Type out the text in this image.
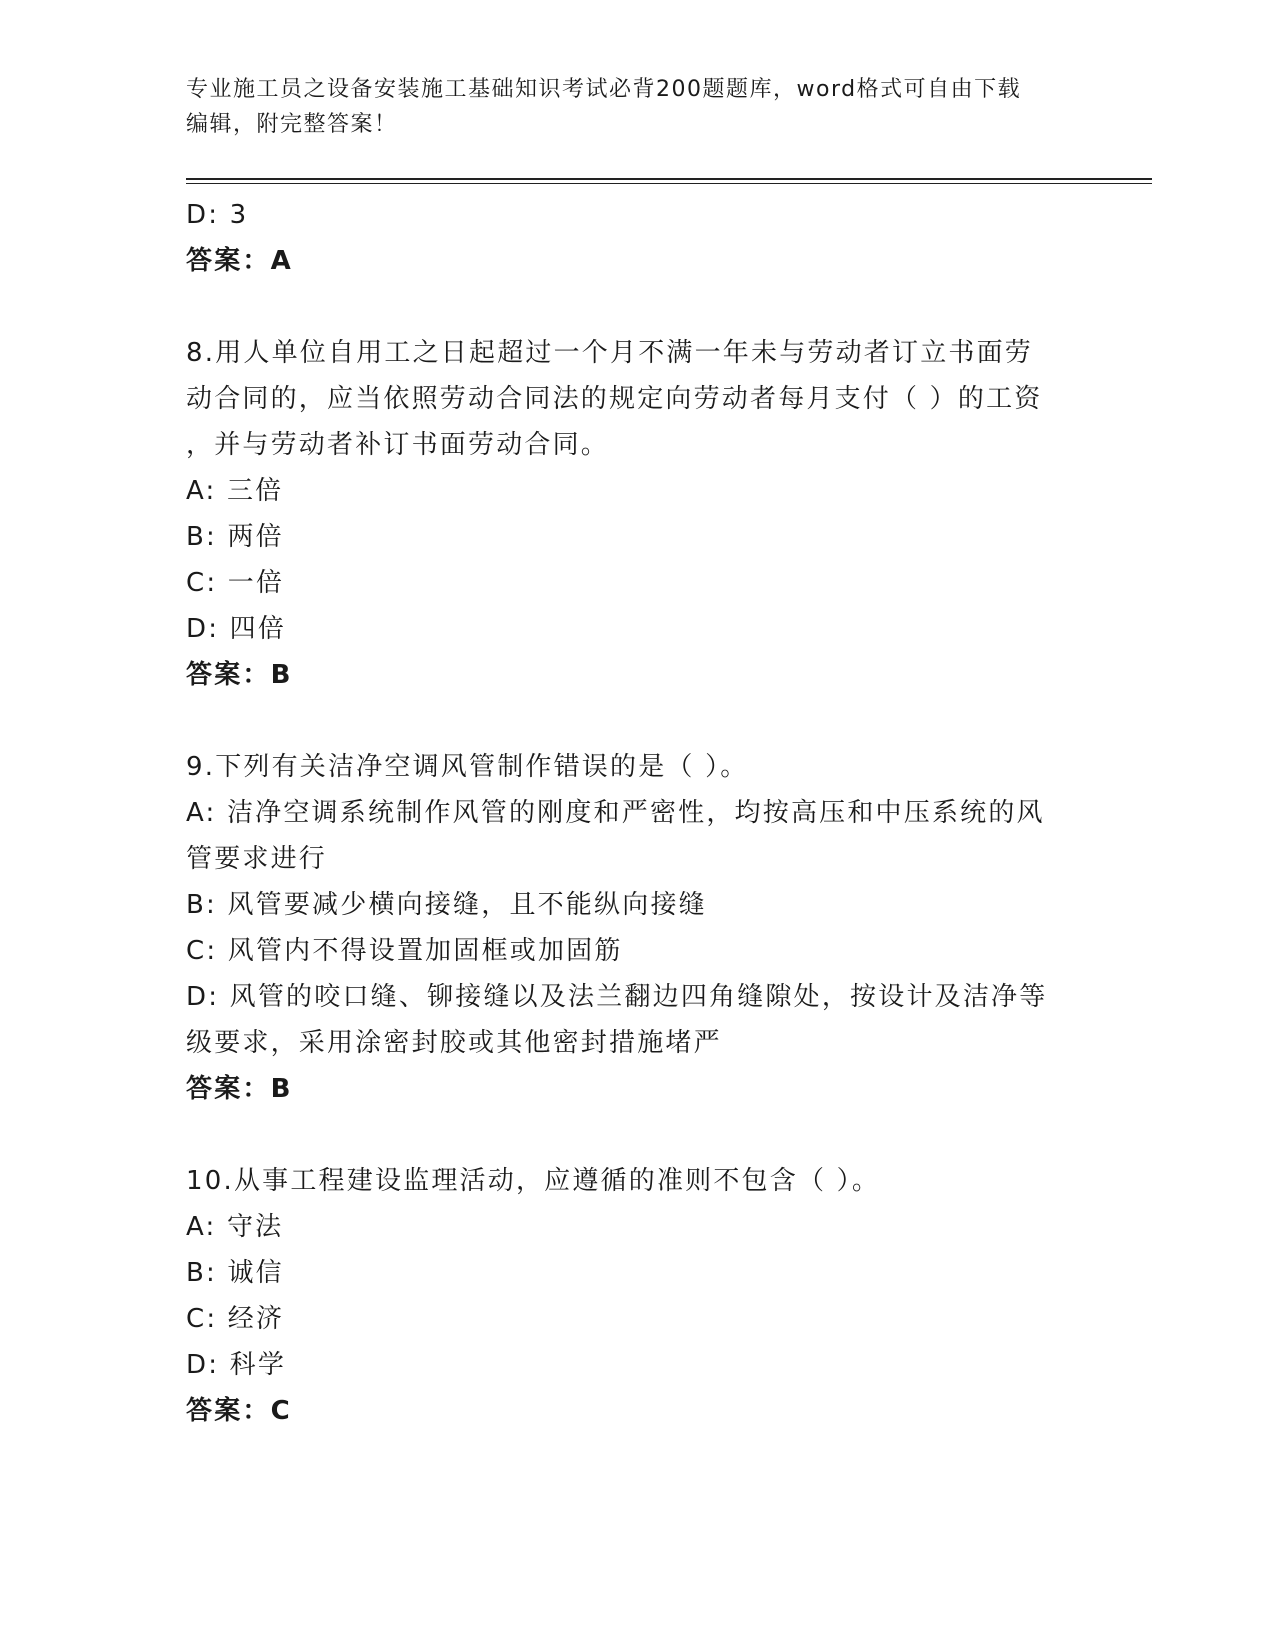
专业施工员之设备安装施工基础知识考试必背200题题库，word格式可自由下载
编辑，附完整答案！
D: 3
答案：A
8.用人单位自用工之日起超过一个月不满一年未与劳动者订立书面劳
动合同的，应当依照劳动合同法的规定向劳动者每月支付（ ）的工资
，并与劳动者补订书面劳动合同。
A: 三倍
B: 两倍
C: 一倍
D: 四倍
答案：B
9.下列有关洁净空调风管制作错误的是（ ）。
A: 洁净空调系统制作风管的刚度和严密性，均按高压和中压系统的风
管要求进行
B: 风管要减少横向接缝，且不能纵向接缝
C: 风管内不得设置加固框或加固筋
D: 风管的咬口缝、铆接缝以及法兰翻边四角缝隙处，按设计及洁净等
级要求，采用涂密封胶或其他密封措施堵严
答案：B
10.从事工程建设监理活动，应遵循的准则不包含（ ）。
A: 守法
B: 诚信
C: 经济
D: 科学
答案：C
